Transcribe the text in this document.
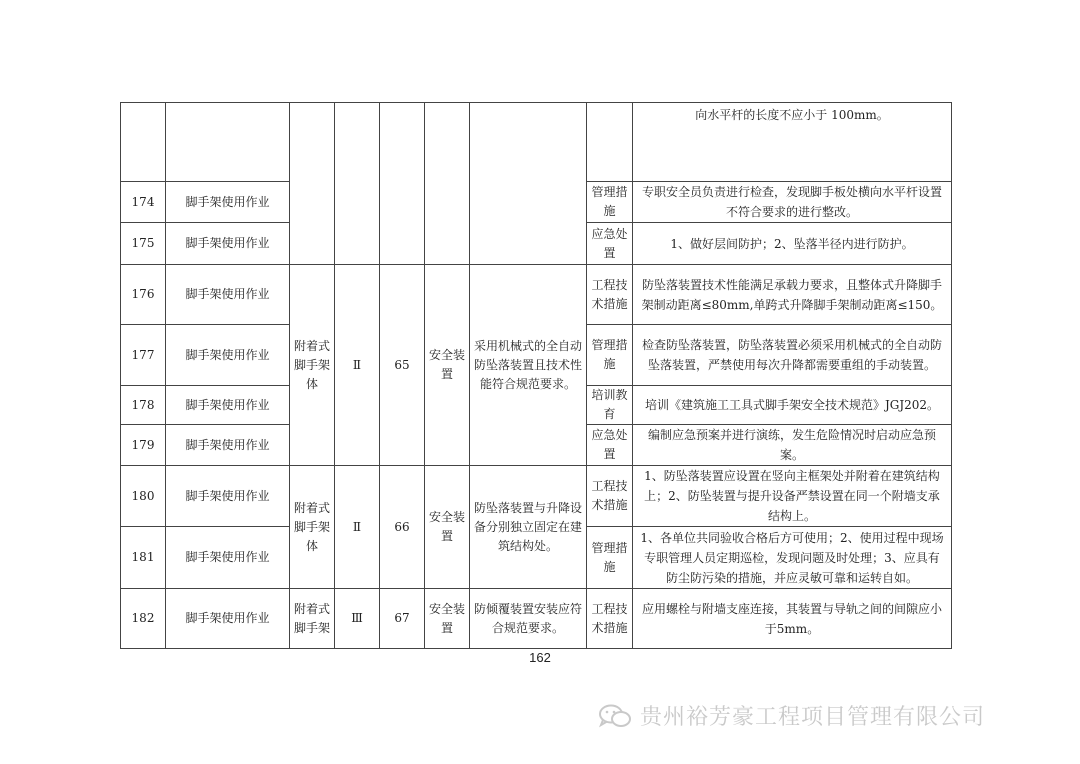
								向水平杆的长度不应小于 100mm。
174	脚手架使用作业						管理措施	专职安全员负责进行检查，发现脚手板处横向水平杆设置不符合要求的进行整改。
175	脚手架使用作业						应急处置	1、做好层间防护；2、坠落半径内进行防护。
176	脚手架使用作业	附着式脚手架体	Ⅱ	65	安全装置	采用机械式的全自动防坠落装置且技术性能符合规范要求。	工程技术措施	防坠落装置技术性能满足承载力要求，且整体式升降脚手架制动距离≤80mm,单跨式升降脚手架制动距离≤150。
177	脚手架使用作业						管理措施	检查防坠落装置，防坠落装置必须采用机械式的全自动防坠落装置，严禁使用每次升降都需要重组的手动装置。
178	脚手架使用作业						培训教育	培训《建筑施工工具式脚手架安全技术规范》JGJ202。
179	脚手架使用作业						应急处置	编制应急预案并进行演练，发生危险情况时启动应急预案。
180	脚手架使用作业	附着式脚手架体	Ⅱ	66	安全装置	防坠落装置与升降设备分别独立固定在建筑结构处。	工程技术措施	1、防坠落装置应设置在竖向主框架处并附着在建筑结构上；2、防坠装置与提升设备严禁设置在同一个附墙支承结构上。
181	脚手架使用作业						管理措施	1、各单位共同验收合格后方可使用；2、使用过程中现场专职管理人员定期巡检，发现问题及时处理；3、应具有防尘防污染的措施，并应灵敏可靠和运转自如。
182	脚手架使用作业	附着式脚手架	Ⅲ	67	安全装置	防倾覆装置安装应符合规范要求。	工程技术措施	应用螺栓与附墙支座连接，其装置与导轨之间的间隙应小于5mm。
162
贵州裕芳豪工程项目管理有限公司
